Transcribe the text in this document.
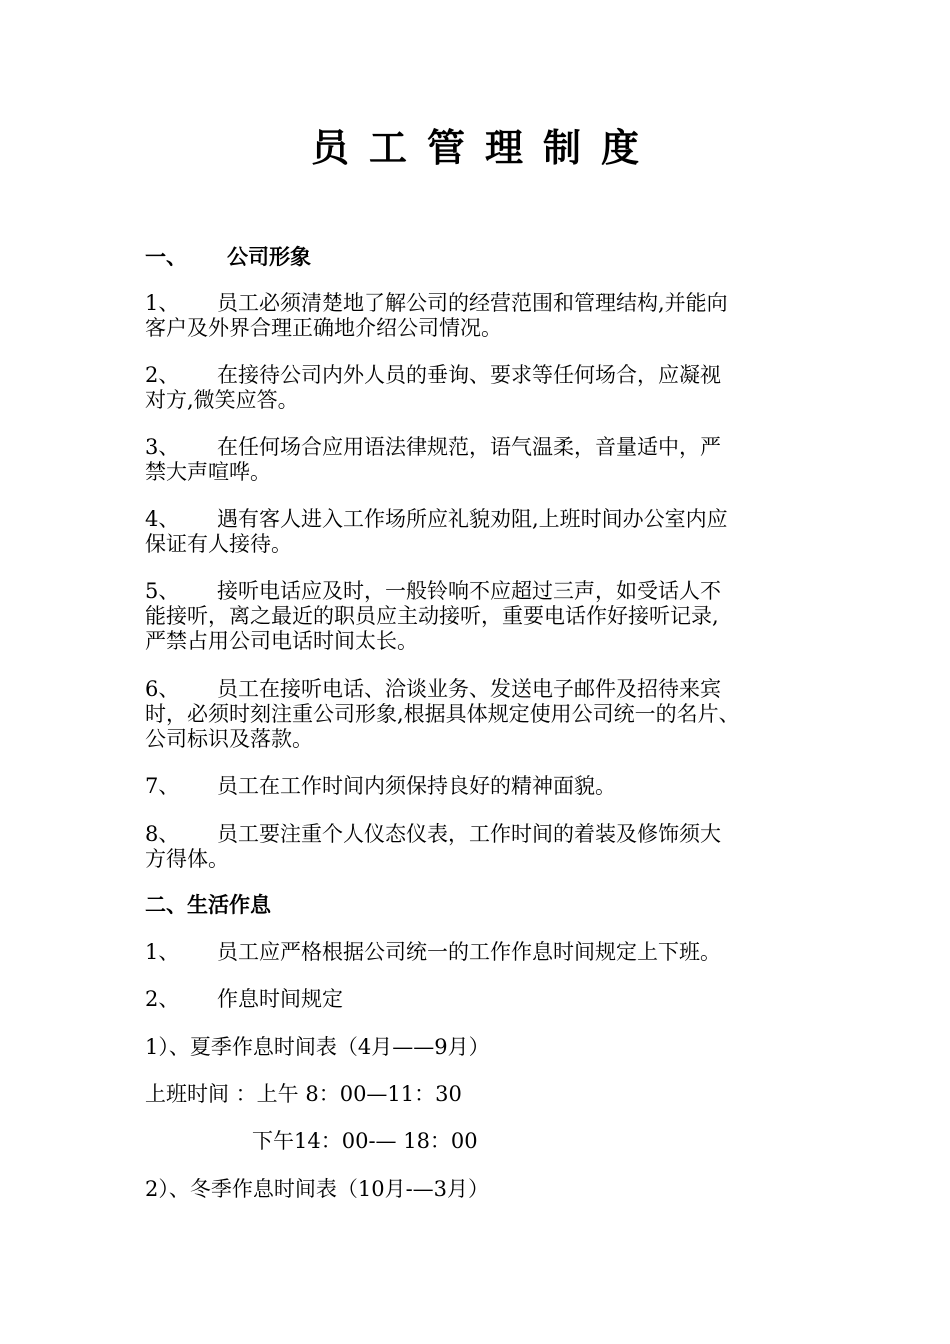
员工管理制度
一、 公司形象
1、 员工必须清楚地了解公司的经营范围和管理结构,并能向
客户及外界合理正确地介绍公司情况。
2、 在接待公司内外人员的垂询、要求等任何场合，应凝视
对方,微笑应答。
3、 在任何场合应用语法律规范，语气温柔，音量适中，严
禁大声喧哗。
4、 遇有客人进入工作场所应礼貌劝阻,上班时间办公室内应
保证有人接待。
5、 接听电话应及时，一般铃响不应超过三声，如受话人不
能接听，离之最近的职员应主动接听，重要电话作好接听记录,
严禁占用公司电话时间太长。
6、 员工在接听电话、洽谈业务、发送电子邮件及招待来宾
时，必须时刻注重公司形象,根据具体规定使用公司统一的名片、
公司标识及落款。
7、 员工在工作时间内须保持良好的精神面貌。
8、 员工要注重个人仪态仪表，工作时间的着装及修饰须大
方得体。
二、生活作息
1、 员工应严格根据公司统一的工作作息时间规定上下班。
2、 作息时间规定
1）、夏季作息时间表（4月——9月）
上班时间 ：上午 8：00—11：30
下午14：00-— 18：00
2）、冬季作息时间表（10月-—3月）
